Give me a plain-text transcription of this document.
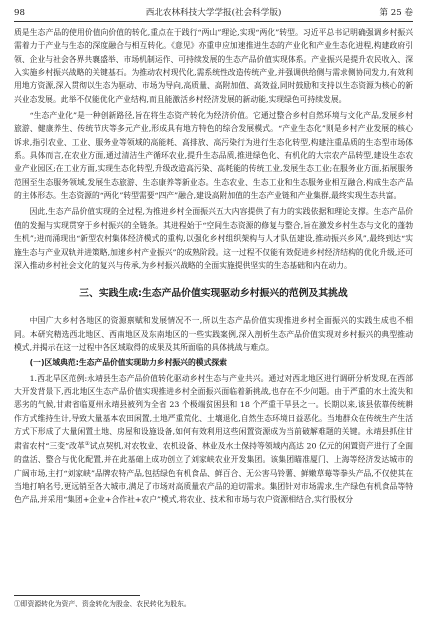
98	西北农林科技大学学报(社会科学版)	第 25 卷

质是生态产品的使用价值向价值的转化,重点在于践行“两山”理论,实现“两化”转型。习近平总书记明确强调乡村振兴需着力于产业与生态的深度融合与相互转化。《意见》亦重申应加速推进生态的产业化和产业生态化进程,构建政府引领、企业与社会各界共襄盛举、市场机制运作、可持续发展的生态产品价值实现体系。产业振兴是提升农民收入、深入实施乡村振兴战略的关键基石。为推动农村现代化,需系统性改造传统产业,并强调供给侧与需求侧协同发力,有效利用地方资源,深入贯彻以生态为驱动、市场为导向,高质量、高附加值、高效益,同时鼓励和支持以生态资源为核心的新兴业态发展。此举不仅能优化产业结构,而且能激活乡村经济发展的新动能,实现绿色可持续发展。

“生态产业化”是一种创新路径,旨在将生态资产转化为经济价值。它通过整合乡村自然环境与文化产品,发展乡村旅游、健康养生、传统节庆等多元产业,形成具有地方特色的综合发展模式。“产业生态化”则是乡村产业发展的核心诉求,指引农业、工业、服务业等领域的高能耗、高排放、高污染行为进行生态化转型,构建注重品质的生态型市场体系。具体而言,在农业方面,通过清洁生产循环农业,提升生态品质,推进绿色化、有机化的大宗农产品转型,建设生态农业产业园区;在工业方面,实现生态化转型,升级改造高污染、高耗能的传统工业,发展生态工业;在服务业方面,拓展服务范围至生态服务领域,发展生态旅游、生态康养等新业态。生态农业、生态工业和生态服务业相互融合,构成生态产品的主体形态。生态资源的“两化”转型需要“四产”融合,建设高附加值的生态产业链和产业集群,最终实现生态共富。

因此,生态产品价值实现的全过程,为推进乡村全面振兴五大内容提供了有力的实践依据和理论支撑。生态产品价值的发掘与实现贯穿于乡村振兴的全链条。其进程始于“空间生态资源的修复与整合,旨在激发乡村生态与文化的蓬勃生机”;进而涌现出“新型农村集体经济模式的重构,以强化乡村组织架构与人才队伍建设,推动振兴乡风”,最终到达“实施生态与产业双轨并进策略,加速乡村产业振兴”的成熟阶段。这一过程不仅能有效促进乡村经济结构的优化升级,还可深入推动乡村社会文化的复兴与传承,为乡村振兴战略的全面实施提供坚实的生态基础和内在动力。

三、实践生成:生态产品价值实现驱动乡村振兴的范例及其挑战

中国广大乡村各地区的资源禀赋和发展情况不一,所以生态产品价值实现推进乡村全面振兴的实践生成也不相同。本研究精选西北地区、西南地区及东南地区的一些实践案例,深入剖析生态产品价值实现对乡村振兴的典型推动模式,并揭示在这一过程中各区域取得的成果及其所面临的具体挑战与难点。

(一)区域典范:生态产品价值实现助力乡村振兴的模式探索

1.西北旱区范例:永靖县生态产品价值转化驱动乡村生态与产业共兴。通过对西北地区进行调研分析发现,在西部大开发背景下,西北地区生态产品价值实现推进乡村全面振兴面临着新挑战,也存在不少问题。由于严重的水土流失和恶劣的气候,甘肃省临夏州永靖县被列为全省 23 个极端贫困县和 18 个严重干旱县之一。长期以来,该县依靠传统耕作方式维持生计,导致大量基本农田闲置,土地严重荒化、土壤退化,自然生态环境日益恶化。当地群众在传统生产生活方式下形成了大量闲置土地、房屋和设施设备,如何有效利用这些闲置资源成为当前破解难题的关键。永靖县抓住甘肃省农村“三变”改革①试点契机,对农牧业、农机设备、林业及水土保持等领域内高达 20 亿元的闲置资产进行了全面的盘活、整合与优化配置,并在此基础上成功创立了刘家峡农业开发集团。该集团瞄准厦门、上海等经济发达城市的广阔市场,主打“刘家峡”品牌农特产品,包括绿色有机食品、鲜百合、无公害马铃薯、鲜嫩草莓等拳头产品,不仅使其在当地打响名号,更远销至各大城市,满足了市场对高质量农产品的迫切需求。集团针对市场需求,生产绿色有机食品等特色产品,并采用“集团+企业+合作社+农户”模式,将农业、技术和市场与农户资源相结合,实行股权分

①即资源转化为资产、资金转化为股金、农民转化为股东。
